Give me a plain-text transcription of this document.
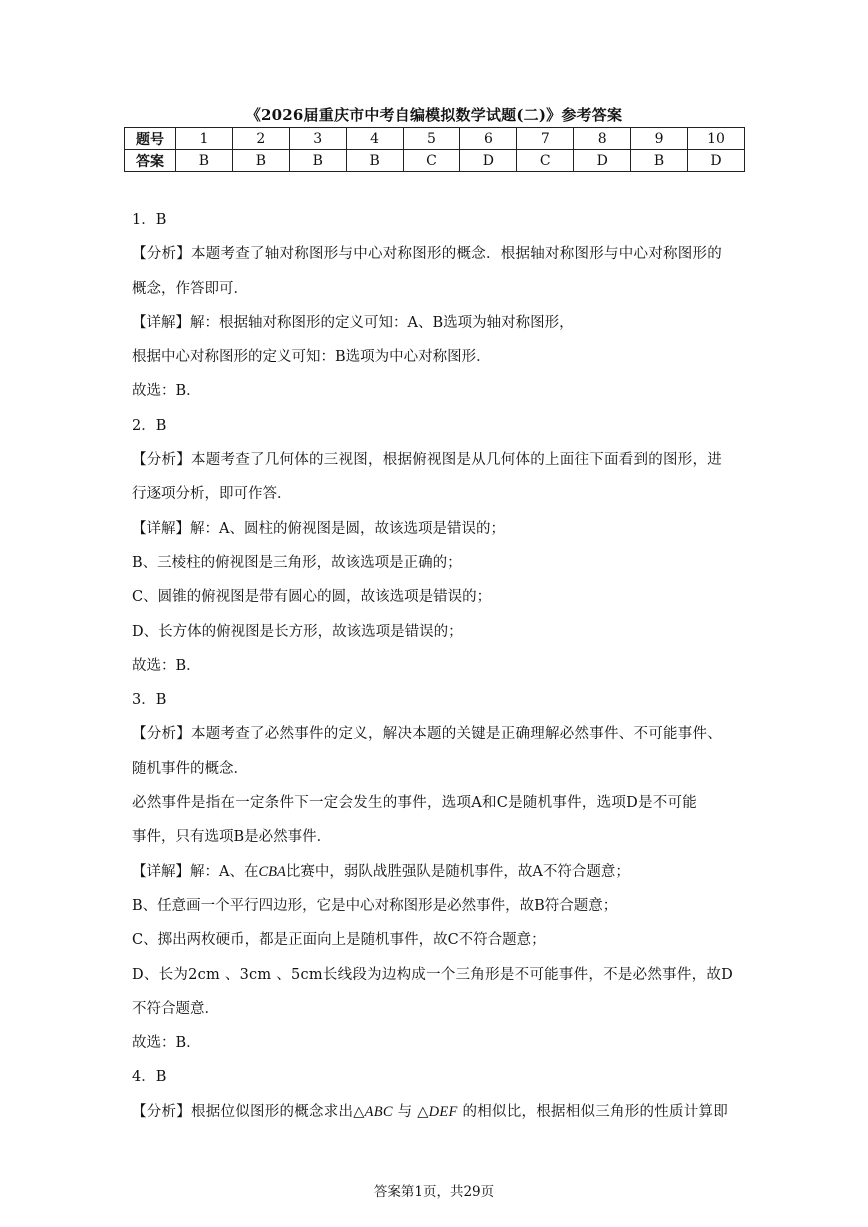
《2026届重庆市中考自编模拟数学试题(二)》参考答案
题号	1	2	3	4	5	6	7	8	9	10
答案	B	B	B	B	C	D	C	D	B	D
1．B
【分析】本题考查了轴对称图形与中心对称图形的概念．根据轴对称图形与中心对称图形的
概念，作答即可．
【详解】解：根据轴对称图形的定义可知：A、B选项为轴对称图形，
根据中心对称图形的定义可知：B选项为中心对称图形．
故选：B．
2．B
【分析】本题考查了几何体的三视图，根据俯视图是从几何体的上面往下面看到的图形，进
行逐项分析，即可作答．
【详解】解：A、圆柱的俯视图是圆，故该选项是错误的；
B、三棱柱的俯视图是三角形，故该选项是正确的；
C、圆锥的俯视图是带有圆心的圆，故该选项是错误的；
D、长方体的俯视图是长方形，故该选项是错误的；
故选：B．
3．B
【分析】本题考查了必然事件的定义，解决本题的关键是正确理解必然事件、不可能事件、
随机事件的概念．
必然事件是指在一定条件下一定会发生的事件，选项A和C是随机事件，选项D是不可能
事件，只有选项B是必然事件．
【详解】解：A、在CBA比赛中，弱队战胜强队是随机事件，故A不符合题意；
B、任意画一个平行四边形，它是中心对称图形是必然事件，故B符合题意；
C、掷出两枚硬币，都是正面向上是随机事件，故C不符合题意；
D、长为2cm 、3cm 、5cm长线段为边构成一个三角形是不可能事件，不是必然事件，故D
不符合题意．
故选：B．
4．B
【分析】根据位似图形的概念求出△ABC 与 △DEF 的相似比，根据相似三角形的性质计算即
答案第1页，共29页
